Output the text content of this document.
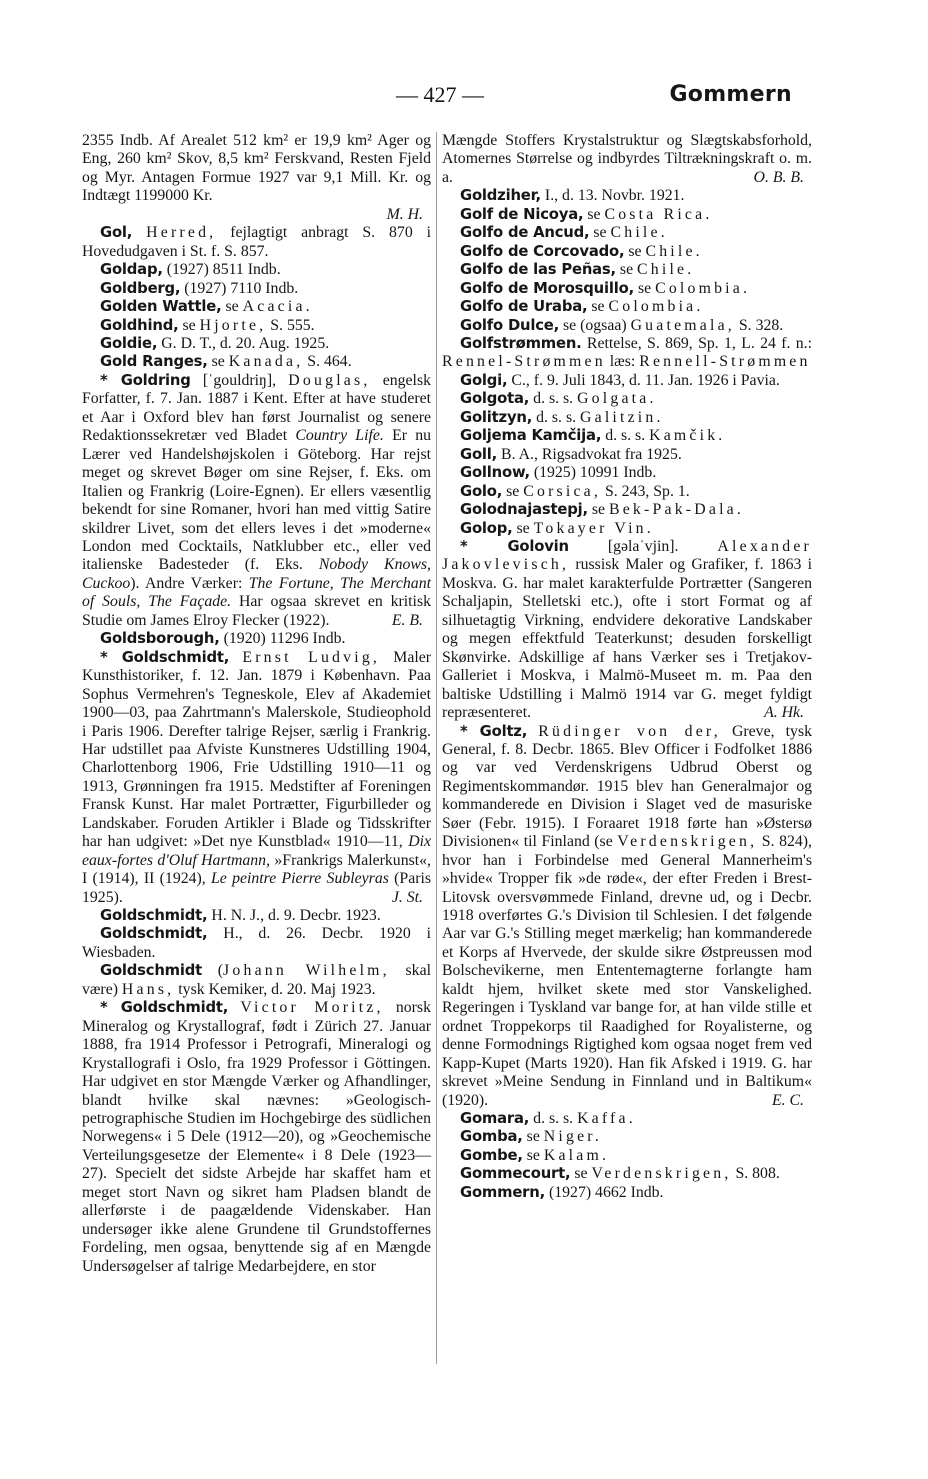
— 427 —	Gommern

2355 Indb. Af Arealet 512 km² er 19,9 km² Ager og Eng, 260 km² Skov, 8,5 km² Ferskvand, Resten Fjeld og Myr. Antagen Formue 1927 var 9,1 Mill. Kr. og Indtægt 1199000 Kr.
M. H.

Gol, Herred, fejlagtigt anbragt S. 870 i Hovedudgaven i St. f. S. 857.

Goldap, (1927) 8511 Indb.

Goldberg, (1927) 7110 Indb.

Golden Wattle, se Acacia.

Goldhind, se Hjorte, S. 555.

Goldie, G. D. T., d. 20. Aug. 1925.

Gold Ranges, se Kanada, S. 464.

* Goldring [ˈgouldriŋ], Douglas, engelsk Forfatter, f. 7. Jan. 1887 i Kent. Efter at have studeret et Aar i Oxford blev han først Journalist og senere Redaktionssekretær ved Bladet Country Life. Er nu Lærer ved Handelshøjskolen i Göteborg. Har rejst meget og skrevet Bøger om sine Rejser, f. Eks. om Italien og Frankrig (Loire-Egnen). Er ellers væsentlig bekendt for sine Romaner, hvori han med vittig Satire skildrer Livet, som det ellers leves i det »moderne« London med Cocktails, Natklubber etc., eller ved italienske Badesteder (f. Eks. Nobody Knows, Cuckoo). Andre Værker: The Fortune, The Merchant of Souls, The Façade. Har ogsaa skrevet en kritisk Studie om James Elroy Flecker (1922).	E. B.

Goldsborough, (1920) 11296 Indb.

* Goldschmidt, Ernst Ludvig, Maler Kunsthistoriker, f. 12. Jan. 1879 i København. Paa Sophus Vermehren's Tegneskole, Elev af Akademiet 1900—03, paa Zahrtmann's Malerskole, Studieophold i Paris 1906. Derefter talrige Rejser, særlig i Frankrig. Har udstillet paa Afviste Kunstneres Udstilling 1904, Charlottenborg 1906, Frie Udstilling 1910—11 og 1913, Grønningen fra 1915. Medstifter af Foreningen Fransk Kunst. Har malet Portrætter, Figurbilleder og Landskaber. Foruden Artikler i Blade og Tidsskrifter har han udgivet: »Det nye Kunstblad« 1910—11, Dix eaux-fortes d'Oluf Hartmann, »Frankrigs Malerkunst«, I (1914), II (1924), Le peintre Pierre Subleyras (Paris 1925).	J. St.

Goldschmidt, H. N. J., d. 9. Decbr. 1923.

Goldschmidt, H., d. 26. Decbr. 1920 i Wiesbaden.

Goldschmidt (Johann Wilhelm, skal være) Hans, tysk Kemiker, d. 20. Maj 1923.

* Goldschmidt, Victor Moritz, norsk Mineralog og Krystallograf, født i Zürich 27. Januar 1888, fra 1914 Professor i Petrografi, Mineralogi og Krystallografi i Oslo, fra 1929 Professor i Göttingen. Har udgivet en stor Mængde Værker og Afhandlinger, blandt hvilke skal nævnes: »Geologisch-petrographische Studien im Hochgebirge des südlichen Norwegens« i 5 Dele (1912—20), og »Geochemische Verteilungsgesetze der Elemente« i 8 Dele (1923—27). Specielt det sidste Arbejde har skaffet ham et meget stort Navn og sikret ham Pladsen blandt de allerførste i de paagældende Videnskaber. Han undersøger ikke alene Grundene til Grundstoffernes Fordeling, men ogsaa, benyttende sig af en Mængde Undersøgelser af talrige Medarbejdere, en stor

Mængde Stoffers Krystalstruktur og Slægtskabsforhold, Atomernes Størrelse og indbyrdes Tiltrækningskraft o. m. a.	O. B. B.

Goldziher, I., d. 13. Novbr. 1921.

Golf de Nicoya, se Costa Rica.

Golfo de Ancud, se Chile.

Golfo de Corcovado, se Chile.

Golfo de las Peñas, se Chile.

Golfo de Morosquillo, se Colombia.

Golfo de Uraba, se Colombia.

Golfo Dulce, se (ogsaa) Guatemala, S. 328.

Golfstrømmen. Rettelse, S. 869, Sp. 1, L. 24 f. n.: Rennel-Strømmen læs: Rennell-Strømmen

Golgi, C., f. 9. Juli 1843, d. 11. Jan. 1926 i Pavia.

Golgota, d. s. s. Golgata.

Golitzyn, d. s. s. Galitzin.

Goljema Kamčija, d. s. s. Kamčik.

Goll, B. A., Rigsadvokat fra 1925.

Gollnow, (1925) 10991 Indb.

Golo, se Corsica, S. 243, Sp. 1.

Golodnajastepj, se Bek-Pak-Dala.

Golop, se Tokayer Vin.

* Golovin [gəlaˈvjin]. Alexander Jakovlevisch, russisk Maler og Grafiker, f. 1863 i Moskva. G. har malet karakterfulde Portrætter (Sangeren Schaljapin, Stelletski etc.), ofte i stort Format og af silhuetagtig Virkning, endvidere dekorative Landskaber og megen effektfuld Teaterkunst; desuden forskelligt Skønvirke. Adskillige af hans Værker ses i Tretjakov-Galleriet i Moskva, i Malmö-Museet m. m. Paa den baltiske Udstilling i Malmö 1914 var G. meget fyldigt repræsenteret.	A. Hk.

* Goltz, Rüdinger von der, Greve, tysk General, f. 8. Decbr. 1865. Blev Officer i Fodfolket 1886 og var ved Verdenskrigens Udbrud Oberst og Regimentskommandør. 1915 blev han Generalmajor og kommanderede en Division i Slaget ved de masuriske Søer (Febr. 1915). I Foraaret 1918 førte han »Østersø Divisionen« til Finland (se Verdenskrigen, S. 824), hvor han i Forbindelse med General Mannerheim's »hvide« Tropper fik »de røde«, der efter Freden i Brest-Litovsk oversvømmede Finland, drevne ud, og i Decbr. 1918 overførtes G.'s Division til Schlesien. I det følgende Aar var G.'s Stilling meget mærkelig; han kommanderede et Korps af Hvervede, der skulde sikre Østpreussen mod Bolschevikerne, men Ententemagterne forlangte ham kaldt hjem, hvilket skete med stor Vanskelighed. Regeringen i Tyskland var bange for, at han vilde stille et ordnet Troppekorps til Raadighed for Royalisterne, og denne Formodnings Rigtighed kom ogsaa noget frem ved Kapp-Kupet (Marts 1920). Han fik Afsked i 1919. G. har skrevet »Meine Sendung in Finnland und in Baltikum« (1920).	E. C.

Gomara, d. s. s. Kaffa.

Gomba, se Niger.

Gombe, se Kalam.

Gommecourt, se Verdenskrigen, S. 808.

Gommern, (1927) 4662 Indb.
